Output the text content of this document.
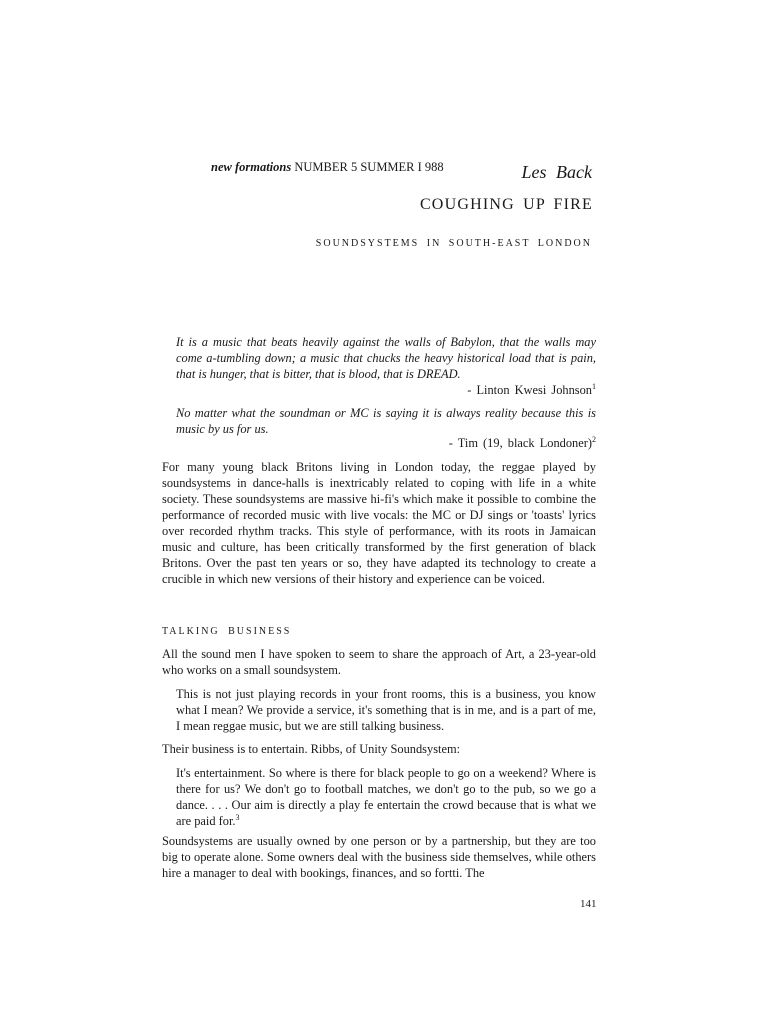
new formations NUMBER 5 SUMMER I 988	Les Back
COUGHING UP FIRE
SOUNDSYSTEMS IN SOUTH-EAST LONDON
It is a music that beats heavily against the walls of Babylon, that the walls may come a-tumbling down; a music that chucks the heavy historical load that is pain, that is hunger, that is bitter, that is blood, that is DREAD.
- Linton Kwesi Johnson$^1$
No matter what the soundman or MC is saying it is always reality because this is music by us for us.
- Tim (19, black Londoner)$^2$
For many young black Britons living in London today, the reggae played by soundsystems in dance-halls is inextricably related to coping with life in a white society. These soundsystems are massive hi-fi's which make it possible to combine the performance of recorded music with live vocals: the MC or DJ sings or 'toasts' lyrics over recorded rhythm tracks. This style of performance, with its roots in Jamaican music and culture, has been critically transformed by the first generation of black Britons. Over the past ten years or so, they have adapted its technology to create a crucible in which new versions of their history and experience can be voiced.
TALKING BUSINESS
All the sound men I have spoken to seem to share the approach of Art, a 23-year-old who works on a small soundsystem.
This is not just playing records in your front rooms, this is a business, you know what I mean? We provide a service, it's something that is in me, and is a part of me, I mean reggae music, but we are still talking business.
Their business is to entertain. Ribbs, of Unity Soundsystem:
It's entertainment. So where is there for black people to go on a weekend? Where is there for us? We don't go to football matches, we don't go to the pub, so we go a dance. . . . Our aim is directly a play fe entertain the crowd because that is what we are paid for.$^3$
Soundsystems are usually owned by one person or by a partnership, but they are too big to operate alone. Some owners deal with the business side themselves, while others hire a manager to deal with bookings, finances, and so fortti. The
141
